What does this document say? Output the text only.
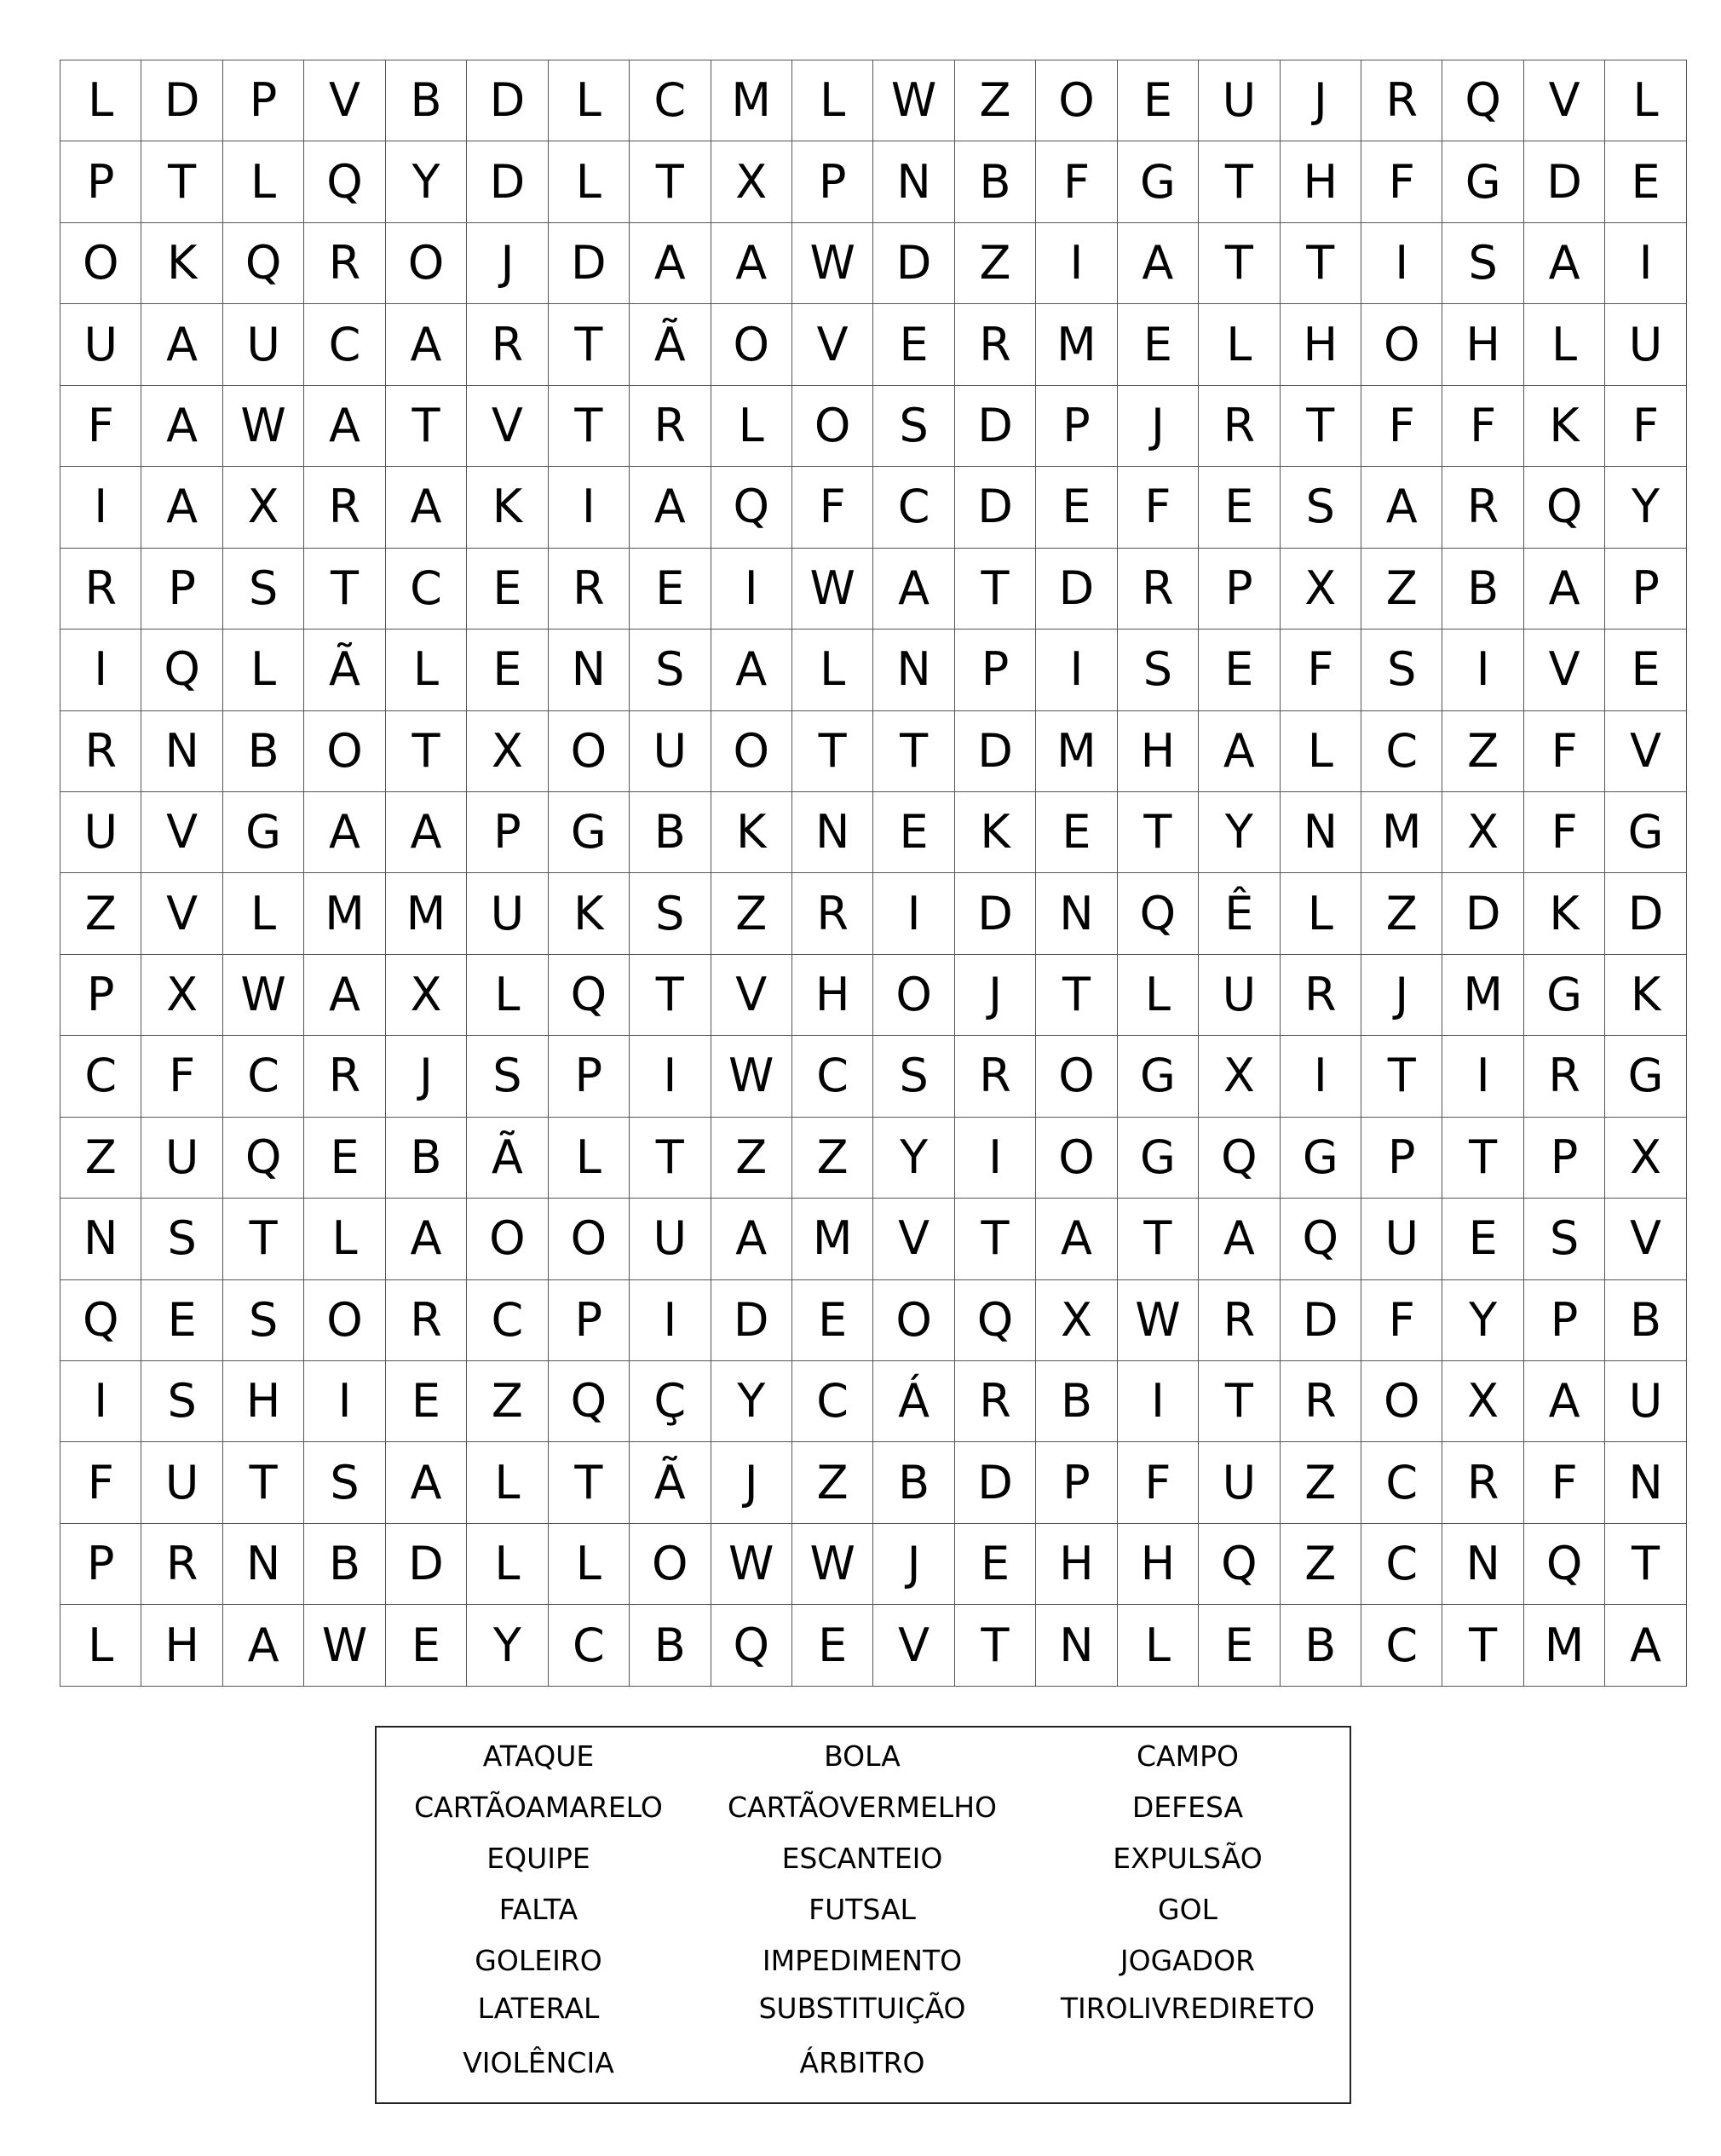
L	D	P	V	B	D	L	C	M	L	W	Z	O	E	U	J	R	Q	V	L
P	T	L	Q	Y	D	L	T	X	P	N	B	F	G	T	H	F	G	D	E
O	K	Q	R	O	J	D	A	A	W	D	Z	I	A	T	T	I	S	A	I
U	A	U	C	A	R	T	Ã	O	V	E	R	M	E	L	H	O	H	L	U
F	A	W	A	T	V	T	R	L	O	S	D	P	J	R	T	F	F	K	F
I	A	X	R	A	K	I	A	Q	F	C	D	E	F	E	S	A	R	Q	Y
R	P	S	T	C	E	R	E	I	W	A	T	D	R	P	X	Z	B	A	P
I	Q	L	Ã	L	E	N	S	A	L	N	P	I	S	E	F	S	I	V	E
R	N	B	O	T	X	O	U	O	T	T	D	M	H	A	L	C	Z	F	V
U	V	G	A	A	P	G	B	K	N	E	K	E	T	Y	N	M	X	F	G
Z	V	L	M	M	U	K	S	Z	R	I	D	N	Q	Ê	L	Z	D	K	D
P	X	W	A	X	L	Q	T	V	H	O	J	T	L	U	R	J	M	G	K
C	F	C	R	J	S	P	I	W	C	S	R	O	G	X	I	T	I	R	G
Z	U	Q	E	B	Ã	L	T	Z	Z	Y	I	O	G	Q	G	P	T	P	X
N	S	T	L	A	O	O	U	A	M	V	T	A	T	A	Q	U	E	S	V
Q	E	S	O	R	C	P	I	D	E	O	Q	X	W	R	D	F	Y	P	B
I	S	H	I	E	Z	Q	Ç	Y	C	Á	R	B	I	T	R	O	X	A	U
F	U	T	S	A	L	T	Ã	J	Z	B	D	P	F	U	Z	C	R	F	N
P	R	N	B	D	L	L	O	W	W	J	E	H	H	Q	Z	C	N	Q	T
L	H	A	W	E	Y	C	B	Q	E	V	T	N	L	E	B	C	T	M	A
ATAQUE	BOLA	CAMPO
CARTÃOAMARELO	CARTÃOVERMELHO	DEFESA
EQUIPE	ESCANTEIO	EXPULSÃO
FALTA	FUTSAL	GOL
GOLEIRO	IMPEDIMENTO	JOGADOR
LATERAL	SUBSTITUIÇÃO	TIROLIVREDIRETO
VIOLÊNCIA	ÁRBITRO
